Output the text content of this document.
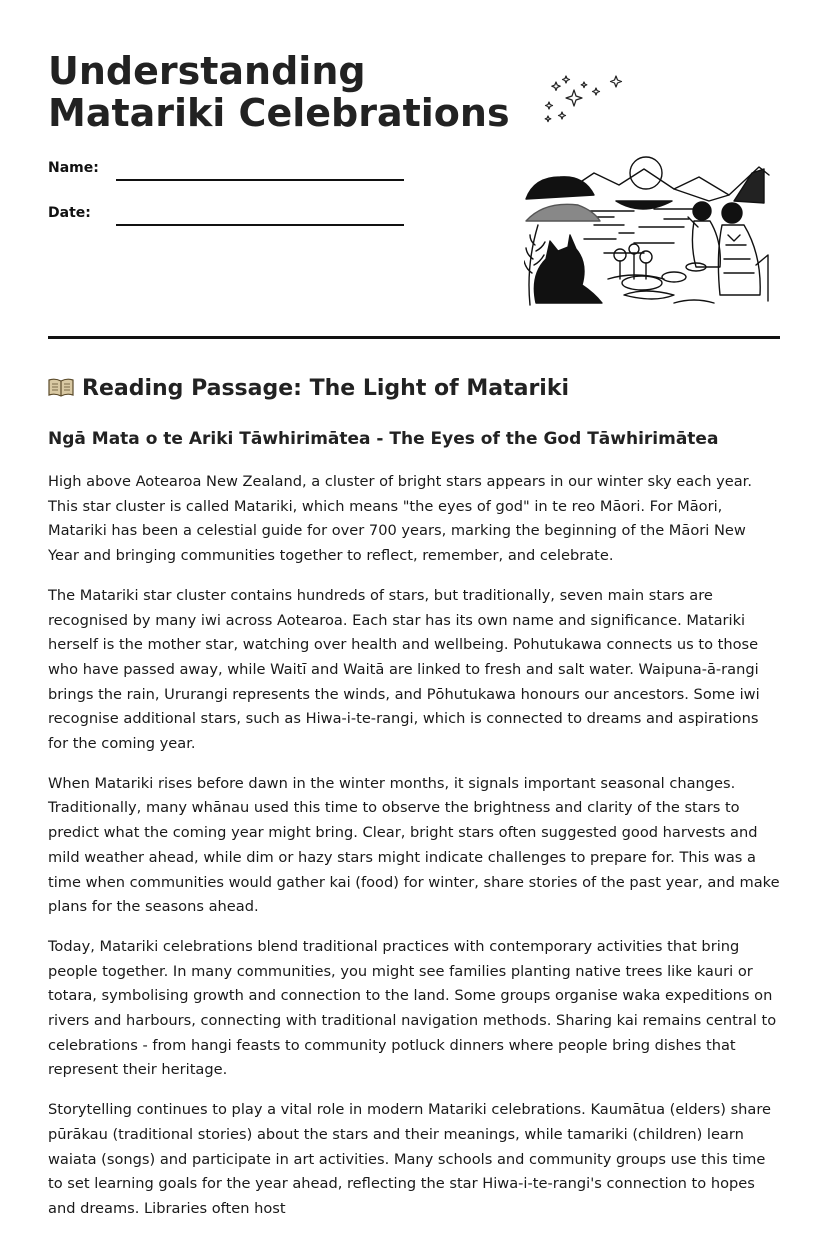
Understanding Matariki Celebrations
Name:
Date:
Reading Passage: The Light of Matariki
Ngā Mata o te Ariki Tāwhirimātea - The Eyes of the God Tāwhirimātea

High above Aotearoa New Zealand, a cluster of bright stars appears in our winter sky each year. This star cluster is called Matariki, which means "the eyes of god" in te reo Māori. For Māori, Matariki has been a celestial guide for over 700 years, marking the beginning of the Māori New Year and bringing communities together to reflect, remember, and celebrate.

The Matariki star cluster contains hundreds of stars, but traditionally, seven main stars are recognised by many iwi across Aotearoa. Each star has its own name and significance. Matariki herself is the mother star, watching over health and wellbeing. Pohutukawa connects us to those who have passed away, while Waitī and Waitā are linked to fresh and salt water. Waipuna-ā-rangi brings the rain, Ururangi represents the winds, and Pōhutukawa honours our ancestors. Some iwi recognise additional stars, such as Hiwa-i-te-rangi, which is connected to dreams and aspirations for the coming year.

When Matariki rises before dawn in the winter months, it signals important seasonal changes. Traditionally, many whānau used this time to observe the brightness and clarity of the stars to predict what the coming year might bring. Clear, bright stars often suggested good harvests and mild weather ahead, while dim or hazy stars might indicate challenges to prepare for. This was a time when communities would gather kai (food) for winter, share stories of the past year, and make plans for the seasons ahead.

Today, Matariki celebrations blend traditional practices with contemporary activities that bring people together. In many communities, you might see families planting native trees like kauri or totara, symbolising growth and connection to the land. Some groups organise waka expeditions on rivers and harbours, connecting with traditional navigation methods. Sharing kai remains central to celebrations - from hangi feasts to community potluck dinners where people bring dishes that represent their heritage.

Storytelling continues to play a vital role in modern Matariki celebrations. Kaumātua (elders) share pūrākau (traditional stories) about the stars and their meanings, while tamariki (children) learn waiata (songs) and participate in art activities. Many schools and community groups use this time to set learning goals for the year ahead, reflecting the star Hiwa-i-te-rangi's connection to hopes and dreams. Libraries often host
